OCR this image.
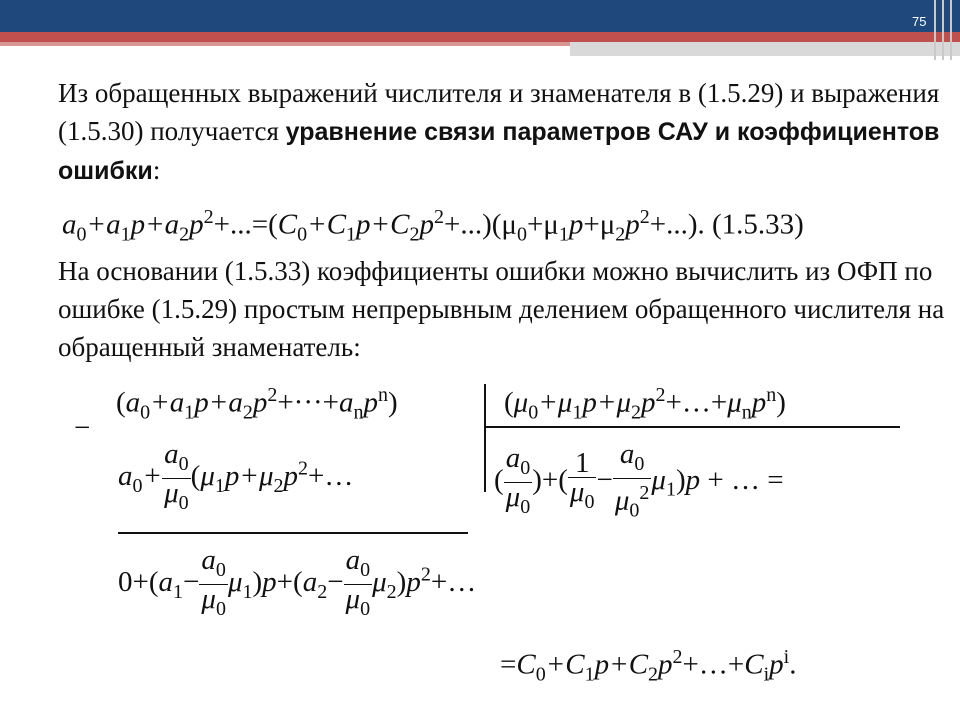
75
Из обращенных выражений числителя и знаменателя в (1.5.29) и выражения (1.5.30) получается уравнение связи параметров САУ и коэффициентов ошибки:
$a_0+a_1p+a_2p^2+...=(C_0+C_1p+C_2p^2+...)(\mu_0+\mu_1p+\mu_2p^2+...)$. (1.5.33)
На основании (1.5.33) коэффициенты ошибки можно вычислить из ОФП по ошибке (1.5.29) простым непрерывным делением обращенного числителя на обращенный знаменатель:
−
$(a_0+a_1p+a_2p^2+\cdot\cdot\cdot+a_np^n)$	$(\mu_0+\mu_1p+\mu_2p^2+\dots+\mu_np^n)$
$a_0+ \frac{a_0}{\mu_0}$ ($\mu_1p+\mu_2p^2+\dots$	( $\frac{a_0}{\mu_0}$ )+( $\frac{1}{\mu_0} - \frac{a_0}{\mu_0^2} \mu_1)p$ + … =
$0+(a_1- \frac{a_0}{\mu_0} \mu_1)p+(a_2- \frac{a_0}{\mu_0}$ $\mu_2)p^2+\dots$
$=C_0+C_1p+C_2p^2+\dots+C_ip^i$.
